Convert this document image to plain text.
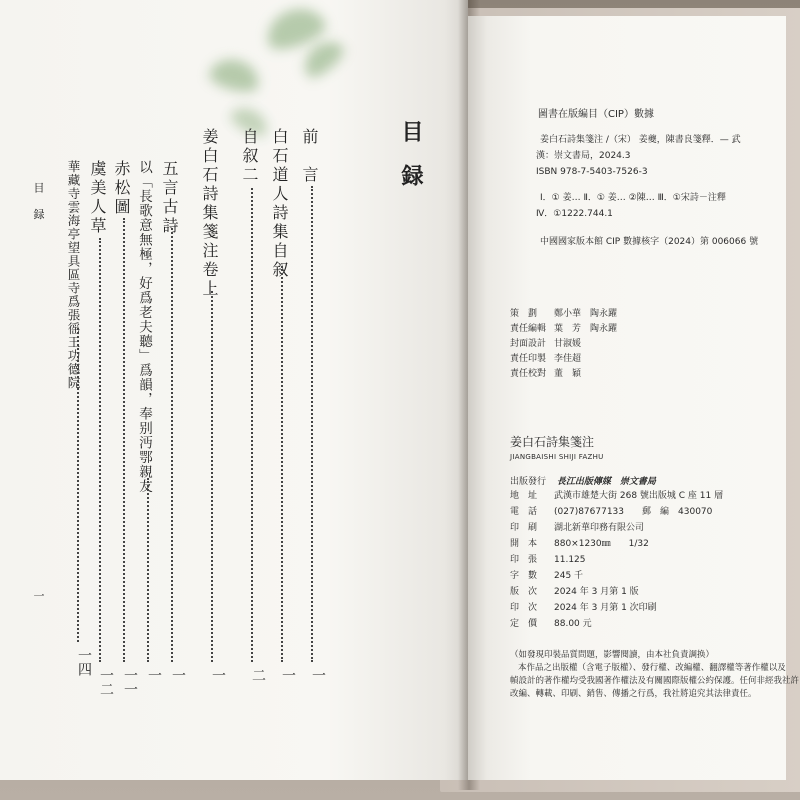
目録
目 録
一
前　言
一
白石道人詩集自叙
一
自叙二
二
姜白石詩集箋注卷上
一
五言古詩
一
以「長歌意無極，好爲老夫聽」爲韻，奉别沔鄂親友
一
赤松圖
一一
虞美人草
一二
華藏寺雲海亭望具區寺爲張徭王功德院
一四
圖書在版編目（CIP）數據
姜白石詩集箋注 /（宋） 姜夔，陳書良箋釋．— 武
漢：崇文書局，2024.3
ISBN 978-7-5403-7526-3
Ⅰ．① 姜… Ⅱ．① 姜… ②陳… Ⅲ．①宋詩－注釋
Ⅳ．①1222.744.1
中國國家版本館 CIP 數據核字（2024）第 006066 號
策　劃 鄭小華　陶永躍
責任編輯 葉　芳　陶永躍
封面設計 甘淑媛
責任印製 李佳超
責任校對 董　穎
姜白石詩集箋注
JIANGBAISHI SHIJI FAZHU
出版發行 長江出版傳媒　崇文書局
地　址 武漢市雄楚大街 268 號出版城 C 座 11 層
電　話 (027)87677133　　郵　編　430070
印　刷 湖北新華印務有限公司
開　本 880×1230㎜　　1/32
印　張 11.125
字　數 245 千
版　次 2024 年 3 月第 1 版
印　次 2024 年 3 月第 1 次印刷
定　價 88.00 元
（如發現印裝品質問題，影響閱讀，由本社負責調换）
本作品之出版權（含電子版權）、發行權、改編權、翻譯權等著作權以及
幀設計的著作權均受我國著作權法及有關國際版權公約保護。任何非經我社許
改編、轉載、印刷、銷售、傳播之行爲，我社將追究其法律責任。
